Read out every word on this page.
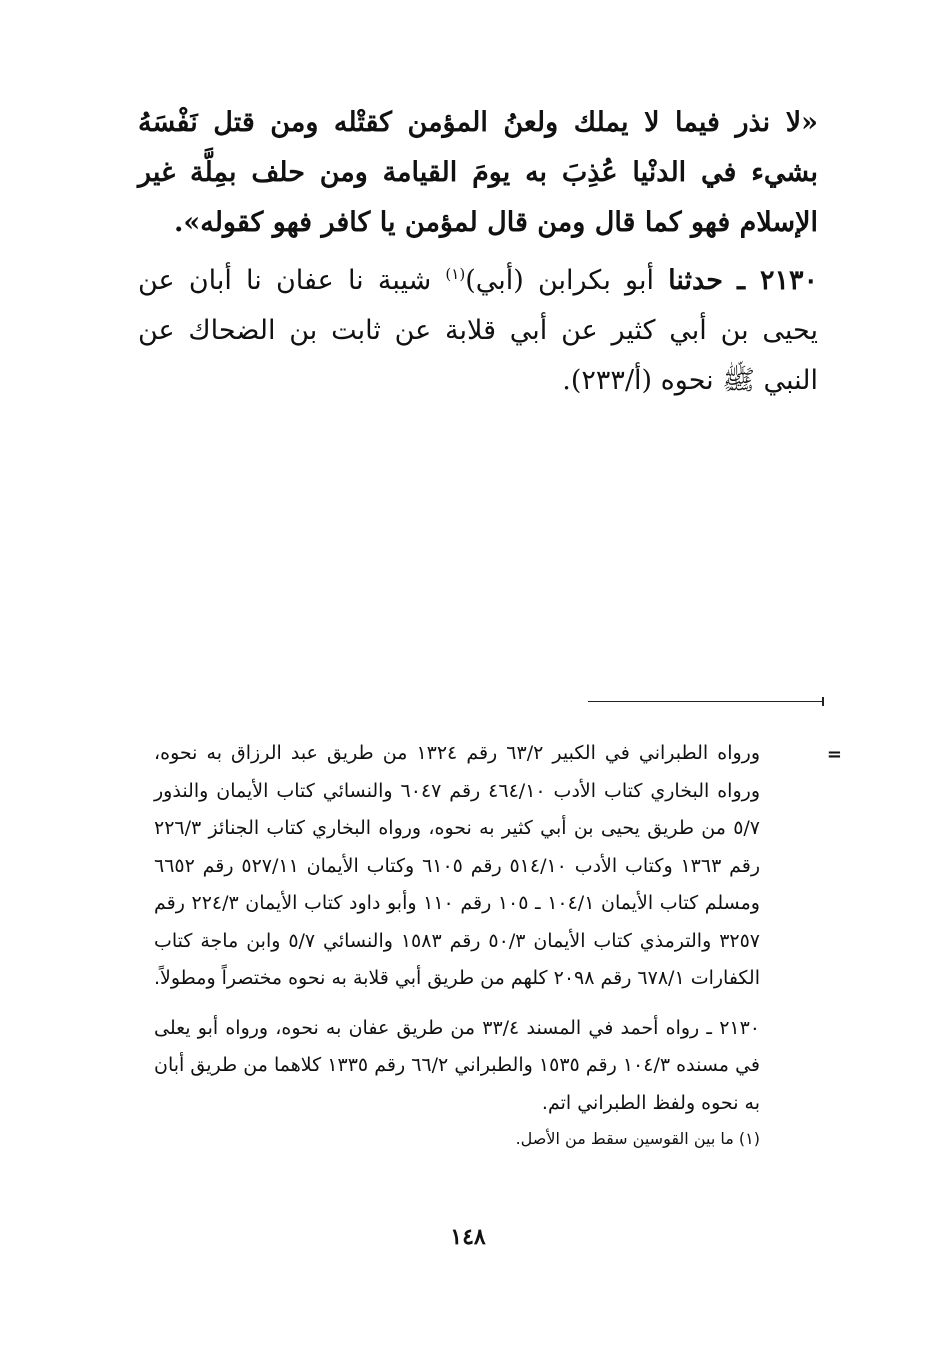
«لا نذر فيما لا يملك ولعنُ المؤمن كقتْله ومن قتل نَفْسَهُ بشيء في الدنْيا عُذِبَ به يومَ القيامة ومن حلف بمِلَّة غير الإسلام فهو كما قال ومن قال لمؤمن يا كافر فهو كقوله».

٢١٣٠ ـ حدثنا أبو بكرابن (أبي)$^{(١)}$ شيبة نا عفان نا أبان عن يحيى بن أبي كثير عن أبي قلابة عن ثابت بن الضحاك عن النبي ﷺ نحوه (أ/٢٣٣).

=

ورواه الطبراني في الكبير ٦٣/٢ رقم ١٣٢٤ من طريق عبد الرزاق به نحوه، ورواه البخاري كتاب الأدب ٤٦٤/١٠ رقم ٦٠٤٧ والنسائي كتاب الأيمان والنذور ٥/٧ من طريق يحيى بن أبي كثير به نحوه، ورواه البخاري كتاب الجنائز ٢٢٦/٣ رقم ١٣٦٣ وكتاب الأدب ٥١٤/١٠ رقم ٦١٠٥ وكتاب الأيمان ٥٢٧/١١ رقم ٦٦٥٢ ومسلم كتاب الأيمان ١٠٤/١ ـ ١٠٥ رقم ١١٠ وأبو داود كتاب الأيمان ٢٢٤/٣ رقم ٣٢٥٧ والترمذي كتاب الأيمان ٥٠/٣ رقم ١٥٨٣ والنسائي ٥/٧ وابن ماجة كتاب الكفارات ٦٧٨/١ رقم ٢٠٩٨ كلهم من طريق أبي قلابة به نحوه مختصراً ومطولاً.

٢١٣٠ ـ رواه أحمد في المسند ٣٣/٤ من طريق عفان به نحوه، ورواه أبو يعلى في مسنده ١٠٤/٣ رقم ١٥٣٥ والطبراني ٦٦/٢ رقم ١٣٣٥ كلاهما من طريق أبان به نحوه ولفظ الطبراني اتم.

(١) ما بين القوسين سقط من الأصل.

١٤٨
